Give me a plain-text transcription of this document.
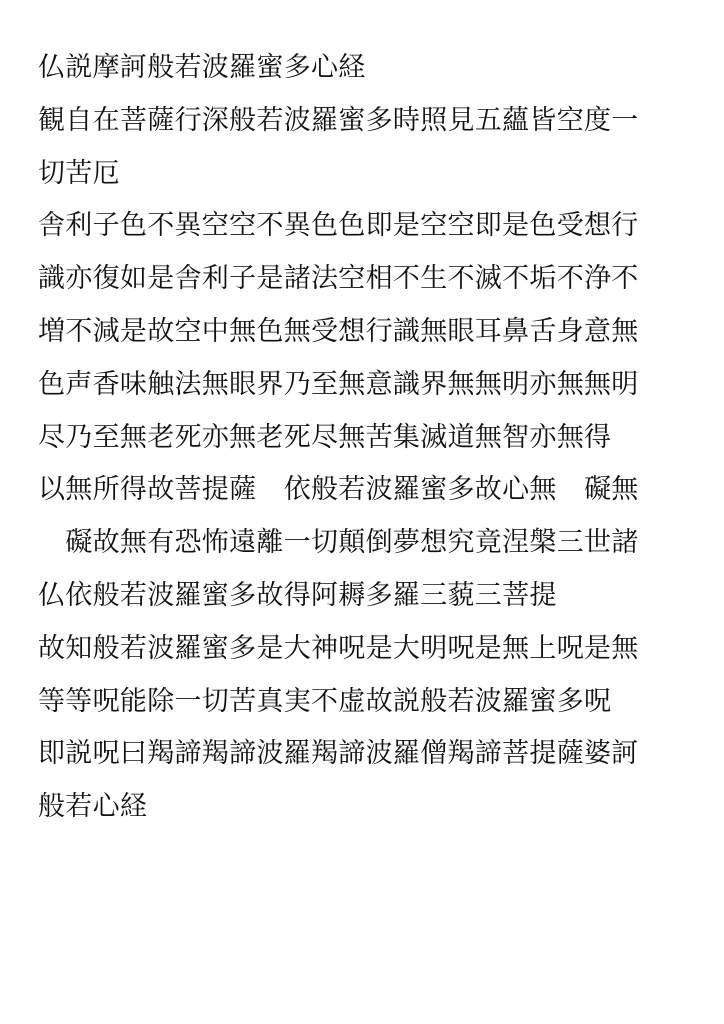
仏説摩訶般若波羅蜜多心経
観自在菩薩行深般若波羅蜜多時照見五蘊皆空度一
切苦厄
舎利子色不異空空不異色色即是空空即是色受想行
識亦復如是舎利子是諸法空相不生不滅不垢不浄不
増不減是故空中無色無受想行識無眼耳鼻舌身意無
色声香味触法無眼界乃至無意識界無無明亦無無明
尽乃至無老死亦無老死尽無苦集滅道無智亦無得
以無所得故菩提薩　依般若波羅蜜多故心無　礙無
　礙故無有恐怖遠離一切顛倒夢想究竟涅槃三世諸
仏依般若波羅蜜多故得阿耨多羅三藐三菩提
故知般若波羅蜜多是大神呪是大明呪是無上呪是無
等等呪能除一切苦真実不虚故説般若波羅蜜多呪
即説呪曰羯諦羯諦波羅羯諦波羅僧羯諦菩提薩婆訶
般若心経
